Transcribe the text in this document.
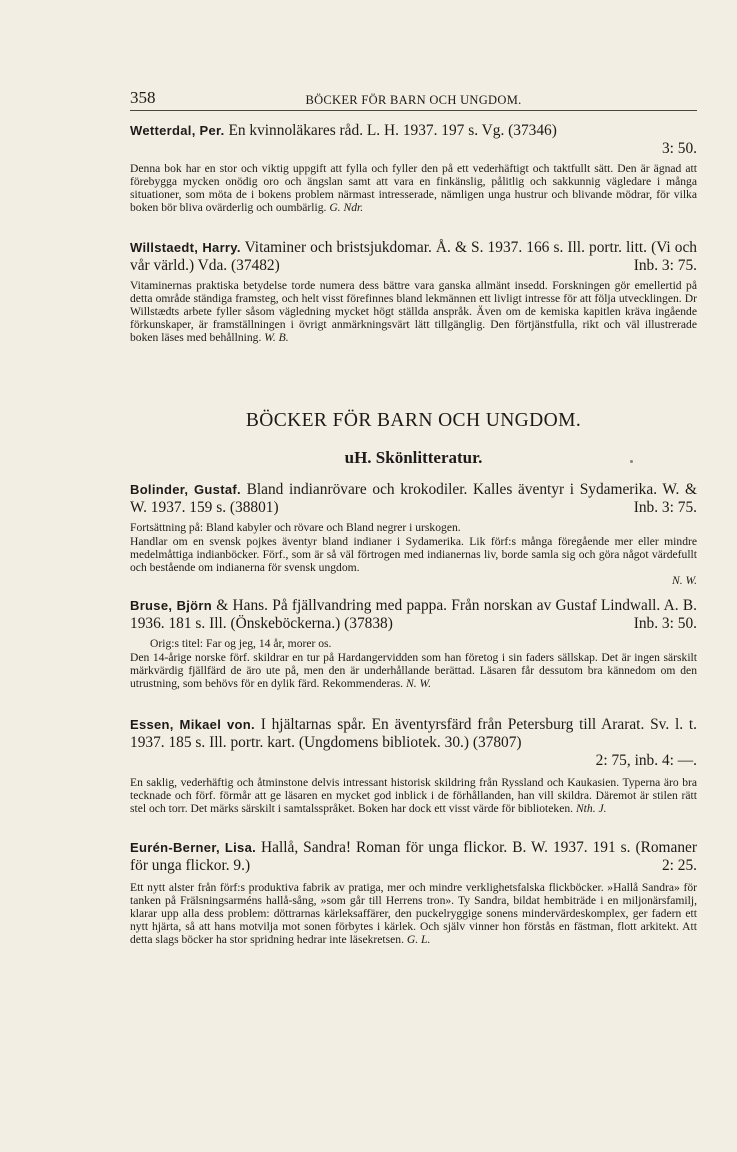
358	BÖCKER FÖR BARN OCH UNGDOM.
Wetterdal, Per. En kvinnoläkares råd. L. H. 1937. 197 s. Vg. (37346)
3: 50.
Denna bok har en stor och viktig uppgift att fylla och fyller den på ett vederhäftigt och taktfullt sätt. Den är ägnad att förebygga mycken onödig oro och ängslan samt att vara en finkänslig, pålitlig och sakkunnig vägledare i många situationer, som möta de i bokens problem närmast intresserade, nämligen unga hustrur och blivande mödrar, för vilka boken bör bliva ovärderlig och oumbärlig. G. Ndr.
Willstaedt, Harry. Vitaminer och bristsjukdomar. Å. & S. 1937. 166 s. Ill. portr. litt. (Vi och vår värld.) Vda. (37482)	Inb. 3: 75.
Vitaminernas praktiska betydelse torde numera dess bättre vara ganska allmänt insedd. Forskningen gör emellertid på detta område ständiga framsteg, och helt visst förefinnes bland lekmännen ett livligt intresse för att följa utvecklingen. Dr Willstædts arbete fyller såsom vägledning mycket högt ställda anspråk. Även om de kemiska kapitlen kräva ingående förkunskaper, är framställningen i övrigt anmärkningsvärt lätt tillgänglig. Den förtjänstfulla, rikt och väl illustrerade boken läses med behållning. W. B.
BÖCKER FÖR BARN OCH UNGDOM.
uH. Skönlitteratur.
Bolinder, Gustaf. Bland indianrövare och krokodiler. Kalles äventyr i Sydamerika. W. & W. 1937. 159 s. (38801)	Inb. 3: 75.
Fortsättning på: Bland kabyler och rövare och Bland negrer i urskogen.

Handlar om en svensk pojkes äventyr bland indianer i Sydamerika. Lik förf:s många föregående mer eller mindre medelmåttiga indianböcker. Förf., som är så väl förtrogen med indianernas liv, borde samla sig och göra något värdefullt och bestående om indianerna för svensk ungdom.

N. W.
Bruse, Björn & Hans. På fjällvandring med pappa. Från norskan av Gustaf Lindwall. A. B. 1936. 181 s. Ill. (Önskeböckerna.) (37838)	Inb. 3: 50.
Orig:s titel: Far og jeg, 14 år, morer os.
Den 14-årige norske förf. skildrar en tur på Hardangervidden som han företog i sin faders sällskap. Det är ingen särskilt märkvärdig fjällfärd de äro ute på, men den är underhållande berättad. Läsaren får dessutom bra kännedom om den utrustning, som behövs för en dylik färd. Rekommenderas. N. W.
Essen, Mikael von. I hjältarnas spår. En äventyrsfärd från Petersburg till Ararat. Sv. l. t. 1937. 185 s. Ill. portr. kart. (Ungdomens bibliotek. 30.) (37807)
2: 75, inb. 4: —.
En saklig, vederhäftig och åtminstone delvis intressant historisk skildring från Ryssland och Kaukasien. Typerna äro bra tecknade och förf. förmår att ge läsaren en mycket god inblick i de förhållanden, han vill skildra. Däremot är stilen rätt stel och torr. Det märks särskilt i samtalsspråket. Boken har dock ett visst värde för biblioteken. Nth. J.
Eurén-Berner, Lisa. Hallå, Sandra! Roman för unga flickor. B. W. 1937. 191 s. (Romaner för unga flickor. 9.)	2: 25.
Ett nytt alster från förf:s produktiva fabrik av pratiga, mer och mindre verklighetsfalska flickböcker. »Hallå Sandra» för tanken på Frälsningsarméns hallå-sång, »som går till Herrens tron». Ty Sandra, bildat hembiträde i en miljonärsfamilj, klarar upp alla dess problem: döttrarnas kärleksaffärer, den puckelryggige sonens mindervärdeskomplex, ger fadern ett nytt hjärta, så att hans motvilja mot sonen förbytes i kärlek. Och själv vinner hon förstås en fästman, flott arkitekt. Att detta slags böcker ha stor spridning hedrar inte läsekretsen. G. L.
